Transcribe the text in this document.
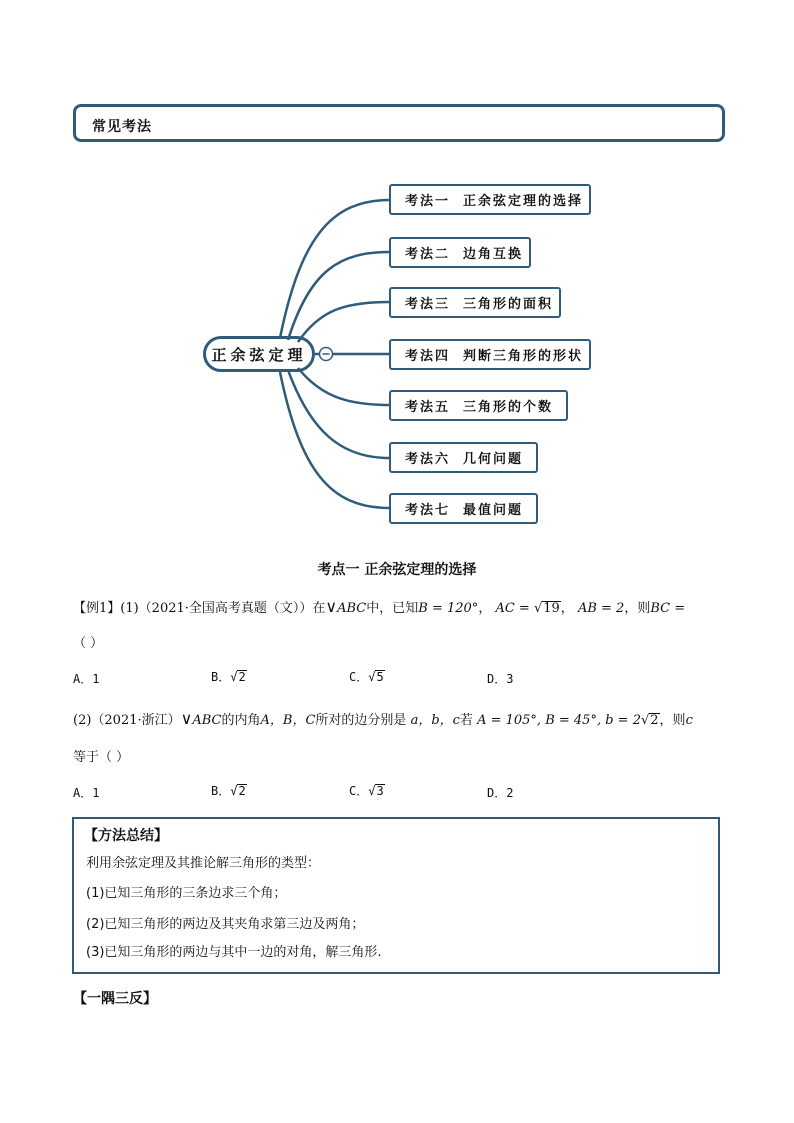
常见考法
正余弦定理
考法一  正余弦定理的选择
考法二  边角互换
考法三  三角形的面积
考法四  判断三角形的形状
考法五  三角形的个数
考法六  几何问题
考法七  最值问题
考点一 正余弦定理的选择
【例1】(1)（2021·全国高考真题（文））在∨ABC中，已知B = 120°， AC = √19， AB = 2，则BC =
（ ）
A．1	B．√2	C．√5	D．3
(2)（2021·浙江）∨ABC的内角A，B，C所对的边分别是 a，b，c若 A = 105°, B = 45°, b = 2√2，则c
等于（ ）
A．1	B．√2	C．√3	D．2
【方法总结】
利用余弦定理及其推论解三角形的类型：
(1)已知三角形的三条边求三个角；
(2)已知三角形的两边及其夹角求第三边及两角；
(3)已知三角形的两边与其中一边的对角，解三角形.
【一隅三反】
